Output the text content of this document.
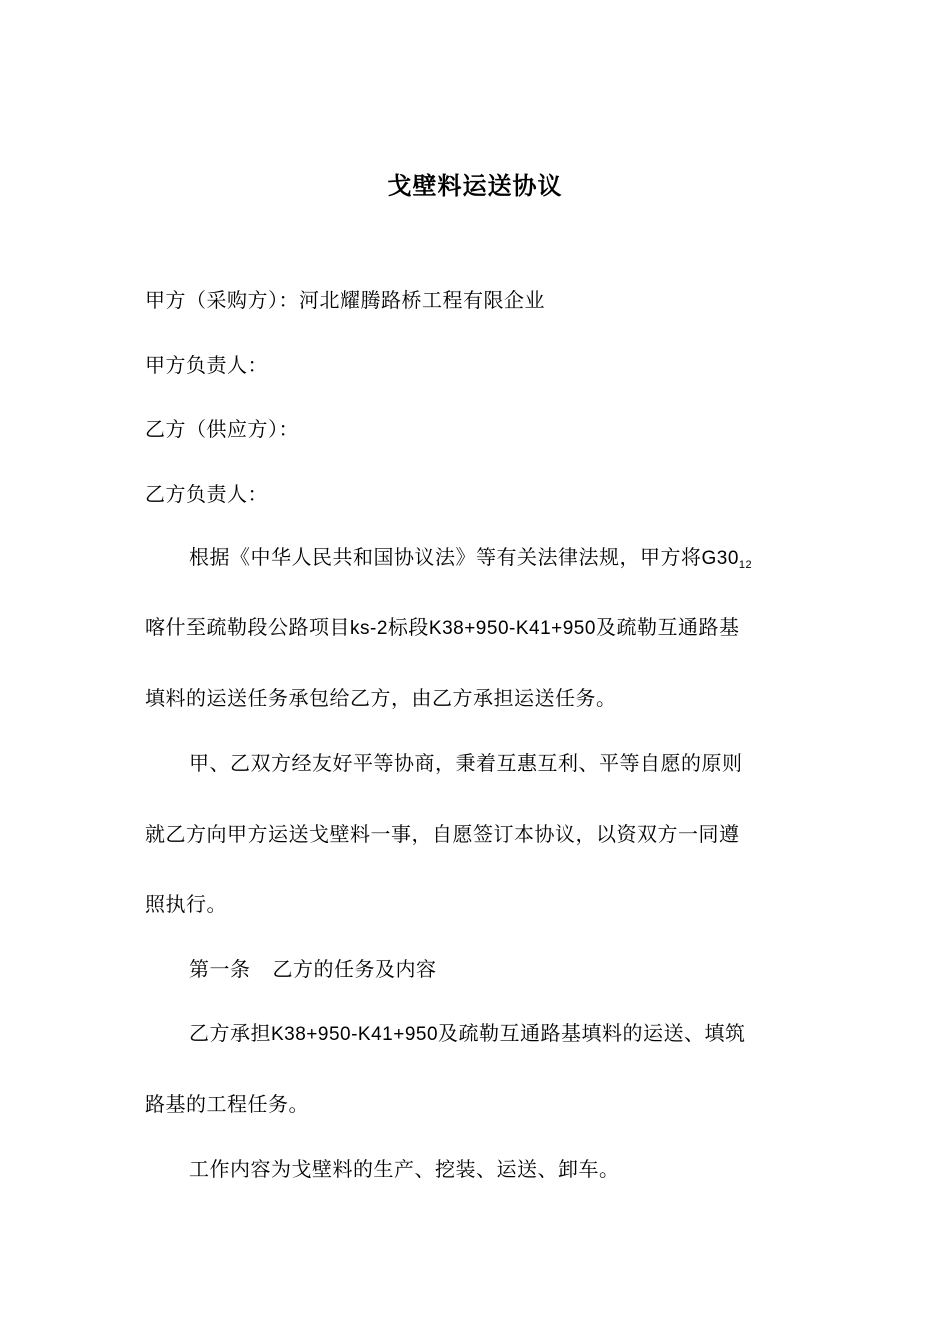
戈壁料运送协议
甲方（采购方）：河北耀腾路桥工程有限企业
甲方负责人：
乙方（供应方）：
乙方负责人：
根据《中华人民共和国协议法》等有关法律法规，甲方将$G30_{12}$
喀什至疏勒段公路项目ks-2标段K38+950-K41+950及疏勒互通路基
填料的运送任务承包给乙方，由乙方承担运送任务。
甲、乙双方经友好平等协商，秉着互惠互利、平等自愿的原则
就乙方向甲方运送戈壁料一事，自愿签订本协议，以资双方一同遵
照执行。
第一条 乙方的任务及内容
乙方承担K38+950-K41+950及疏勒互通路基填料的运送、填筑
路基的工程任务。
工作内容为戈壁料的生产、挖装、运送、卸车。
